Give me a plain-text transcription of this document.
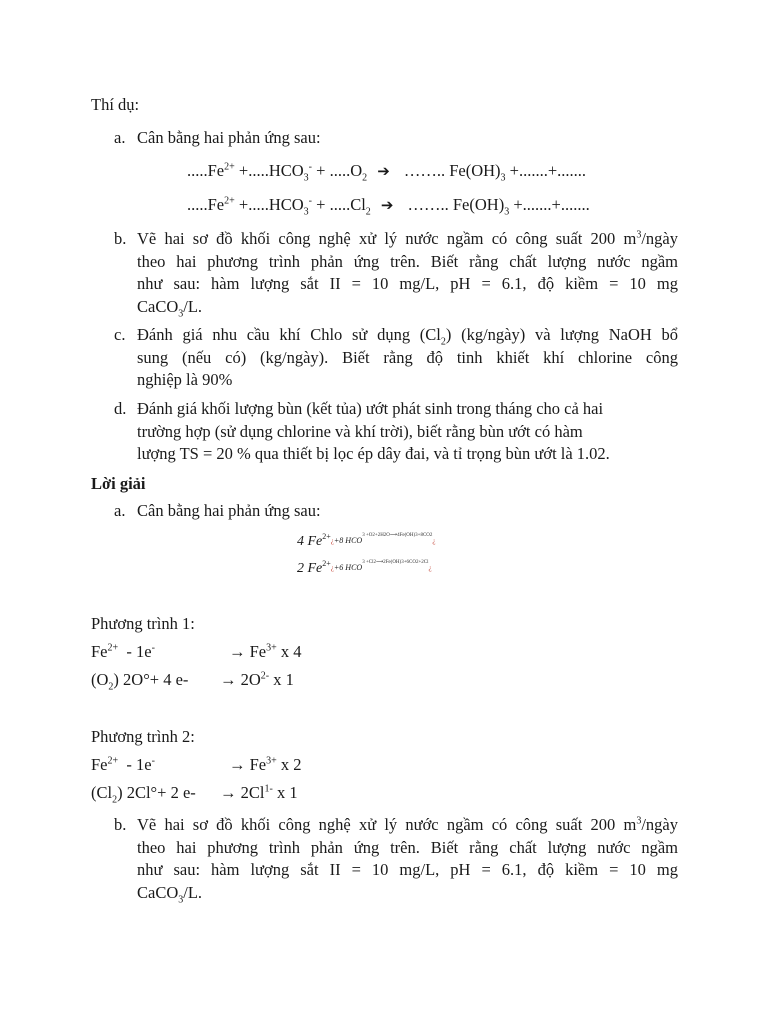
Thí dụ:
a. Cân bằng hai phản ứng sau:
$.....Fe^{2+} +.....HCO_3^- + .....O_2$ ➔ …….. $Fe(OH)_3$ +.......+.......
$.....Fe^{2+} +.....HCO_3^- + .....Cl_2$ ➔ …….. $Fe(OH)_3$ +.......+.......
b. Vẽ hai sơ đồ khối công nghệ xử lý nước ngầm có công suất 200 $m^3$/ngày
theo hai phương trình phản ứng trên. Biết rằng chất lượng nước ngầm
như sau: hàm lượng sắt II = 10 mg/L, pH = 6.1, độ kiềm = 10 mg
CaCO$_3$/L.
c. Đánh giá nhu cầu khí Chlo sử dụng $(Cl_2)$ (kg/ngày) và lượng NaOH bổ
sung (nếu có) (kg/ngày). Biết rằng độ tinh khiết khí chlorine công
nghiệp là 90%
d. Đánh giá khối lượng bùn (kết tủa) ướt phát sinh trong tháng cho cả hai
trường hợp (sử dụng chlorine và khí trời), biết rằng bùn ướt có hàm
lượng TS = 20 % qua thiết bị lọc ép dây đai, và tỉ trọng bùn ướt là 1.02.
Lời giải
a. Cân bằng hai phản ứng sau:
4 $Fe^{2+}¿+8$ $HCO^{3 +O2+2H2O⟶4Fe(OH)3+8CO2}¿$
2 $Fe^{2+}¿+6$ $HCO^{3 +Cl2⟶2Fe(OH)3+6CO2+2Cl}¿$
Phương trình 1:
$Fe^{2+} - 1e^-$	→ $Fe^{3+}$ x 4
$(O_2)$ 2O°+ 4 $e- \to 2O^{2-}$ x 1
Phương trình 2:
$Fe^{2+} - 1e^-$	→ $Fe^{3+}$ x 2
$(Cl_2)$ 2Cl°+ 2 $e- \to 2Cl^{1-}$ x 1
b. Vẽ hai sơ đồ khối công nghệ xử lý nước ngầm có công suất 200 $m^3$/ngày
theo hai phương trình phản ứng trên. Biết rằng chất lượng nước ngầm
như sau: hàm lượng sắt II = 10 mg/L, pH = 6.1, độ kiềm = 10 mg
CaCO$_3$/L.
